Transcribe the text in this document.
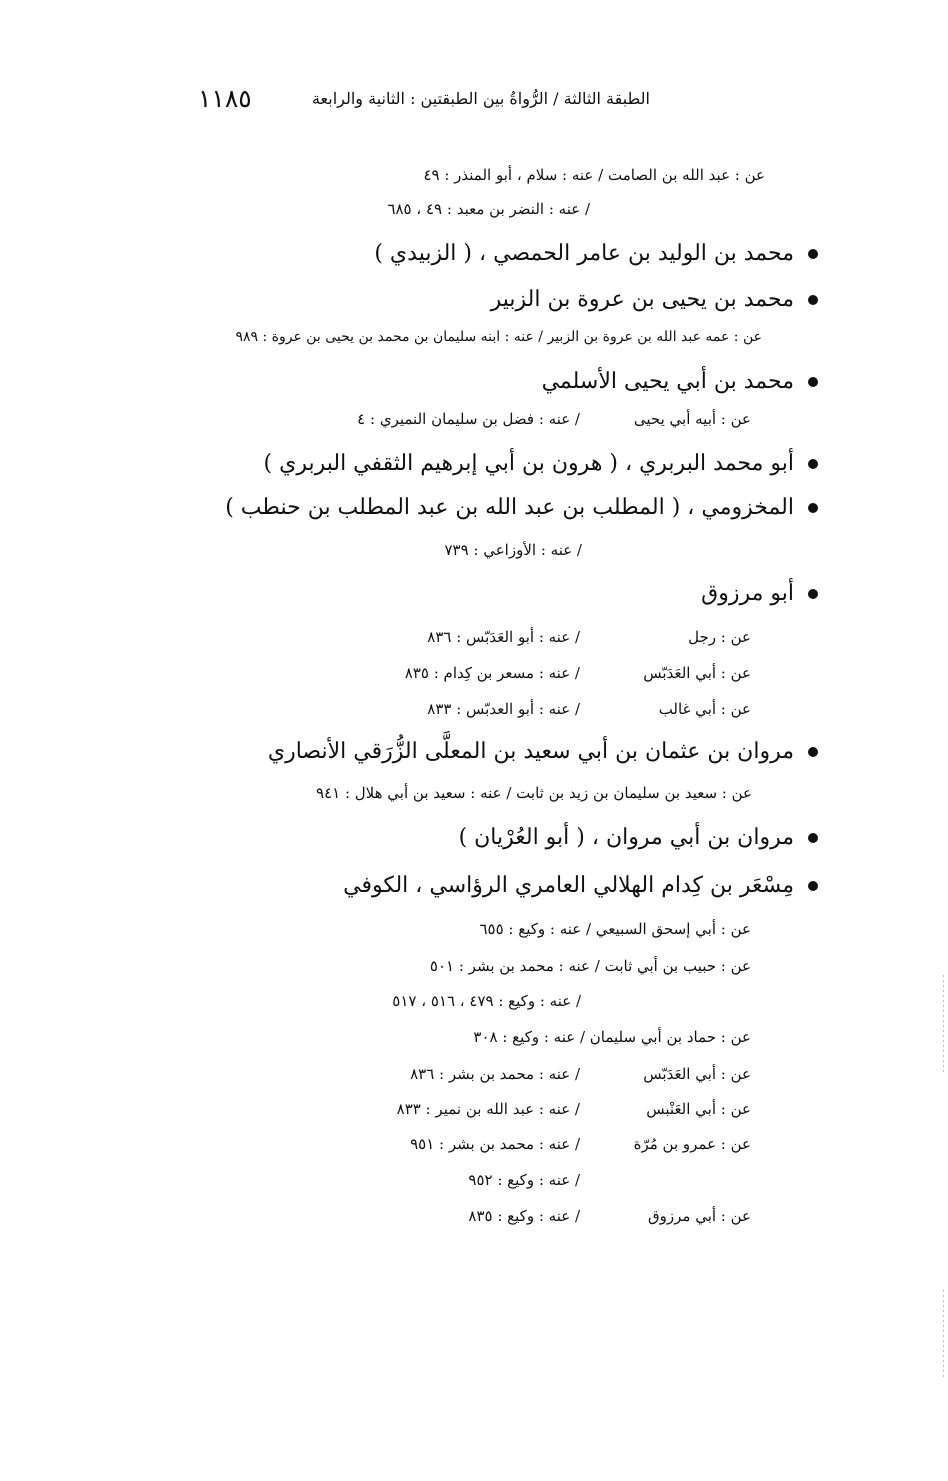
١١٨٥	الطبقة الثالثة / الرُّواةُ بين الطبقتين : الثانية والرابعة
عن : عبد الله بن الصامت / عنه : سلام ، أبو المنذر : ٤٩
/ عنه : النضر بن معبد : ٤٩ ، ٦٨٥
محمد بن الوليد بن عامر الحمصي ، ( الزبيدي )
محمد بن يحيى بن عروة بن الزبير
عن : عمه عبد الله بن عروة بن الزبير / عنه : ابنه سليمان بن محمد بن يحيى بن عروة : ٩٨٩
محمد بن أبي يحيى الأسلمي
عن : أبيه أبي يحيى
/ عنه : فضل بن سليمان النميري : ٤
أبو محمد البربري ، ( هرون بن أبي إبرهيم الثقفي البربري )
المخزومي ، ( المطلب بن عبد الله بن عبد المطلب بن حنطب )
/ عنه : الأوزاعي : ٧٣٩
أبو مرزوق
عن : رجل
/ عنه : أبو العَدَبّس : ٨٣٦
عن : أبي العَدَبّس
/ عنه : مسعر بن كِدام : ٨٣٥
عن : أبي غالب
/ عنه : أبو العدبّس : ٨٣٣
مروان بن عثمان بن أبي سعيد بن المعلَّى الزُّرَقي الأنصاري
عن : سعيد بن سليمان بن زيد بن ثابت / عنه : سعيد بن أبي هلال : ٩٤١
مروان بن أبي مروان ، ( أبو العُرْيان )
مِسْعَر بن كِدام الهلالي العامري الرؤاسي ، الكوفي
عن : أبي إسحق السبيعي / عنه : وكيع : ٦٥٥
عن : حبيب بن أبي ثابت / عنه : محمد بن بشر : ٥٠١
/ عنه : وكيع : ٤٧٩ ، ٥١٦ ، ٥١٧
عن : حماد بن أبي سليمان / عنه : وكيع : ٣٠٨
عن : أبي العَدَبّس
/ عنه : محمد بن بشر : ٨٣٦
عن : أبي العَنْبس
/ عنه : عبد الله بن نمير : ٨٣٣
عن : عمرو بن مُرّة
/ عنه : محمد بن بشر : ٩٥١
/ عنه : وكيع : ٩٥٢
عن : أبي مرزوق
/ عنه : وكيع : ٨٣٥
